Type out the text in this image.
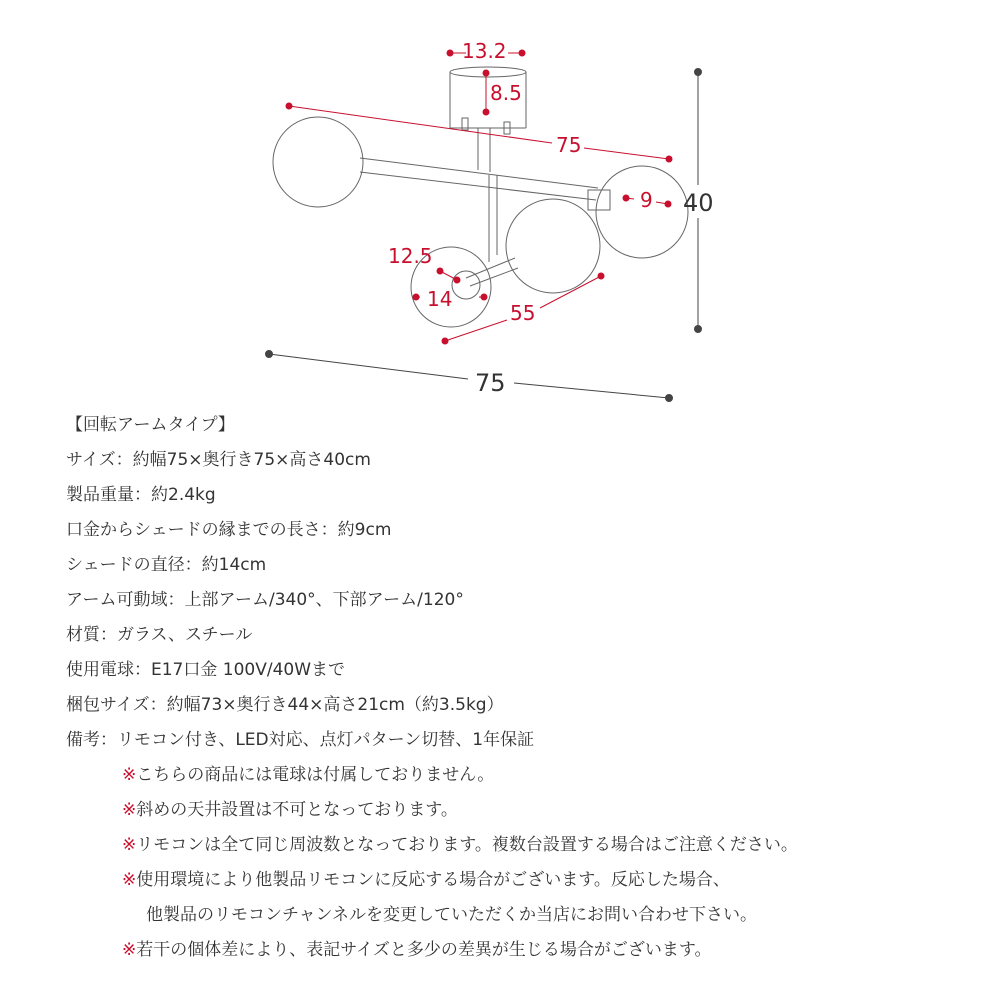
13.2
8.5
75
9
12.5
14
55
40
75
【回転アームタイプ】
サイズ：約幅75×奥行き75×高さ40cm
製品重量：約2.4kg
口金からシェードの縁までの長さ：約9cm
シェードの直径：約14cm
アーム可動域：上部アーム/340°、下部アーム/120°
材質：ガラス、スチール
使用電球：E17口金 100V/40Wまで
梱包サイズ：約幅73×奥行き44×高さ21cm（約3.5kg）
備考：リモコン付き、LED対応、点灯パターン切替、1年保証
※こちらの商品には電球は付属しておりません。
※斜めの天井設置は不可となっております。
※リモコンは全て同じ周波数となっております。複数台設置する場合はご注意ください。
※使用環境により他製品リモコンに反応する場合がございます。反応した場合、
他製品のリモコンチャンネルを変更していただくか当店にお問い合わせ下さい。
※若干の個体差により、表記サイズと多少の差異が生じる場合がございます。
